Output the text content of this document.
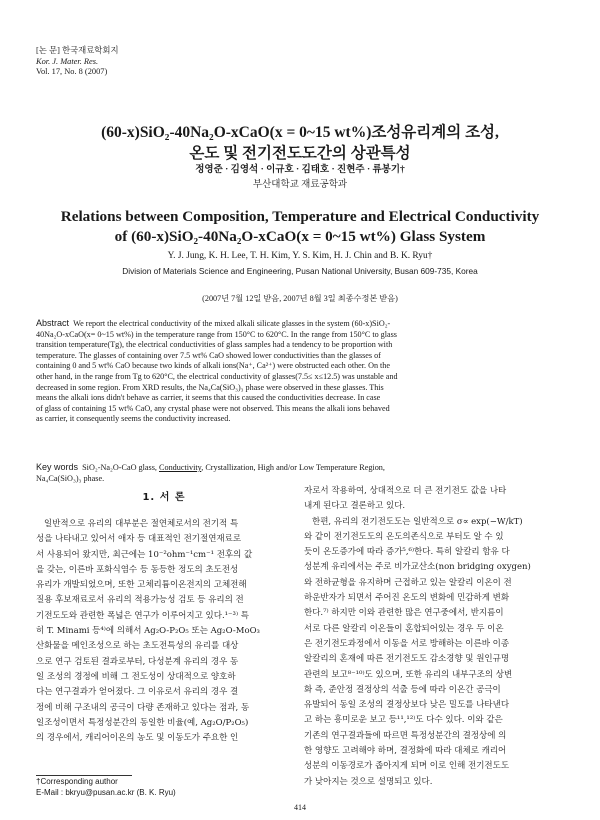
[논 문] 한국재료학회지
Kor. J. Mater. Res.
Vol. 17, No. 8 (2007)
(60-x)SiO₂-40Na₂O-xCaO(x = 0~15 wt%)조성유리계의 조성,
온도 및 전기전도도간의 상관특성
정영준 · 김영석 · 이규호 · 김태호 · 진현주 · 류봉기†
부산대학교 재료공학과
Relations between Composition, Temperature and Electrical Conductivity
of (60-x)SiO₂-40Na₂O-xCaO(x = 0~15 wt%) Glass System
Y. J. Jung, K. H. Lee, T. H. Kim, Y. S. Kim, H. J. Chin and B. K. Ryu†
Division of Materials Science and Engineering, Pusan National University, Busan 609-735, Korea
(2007년 7월 12일 받음, 2007년 8월 3일 최종수정본 받음)
Abstract We report the electrical conductivity of the mixed alkali silicate glasses in the system (60-x)SiO₂-
40Na₂O-xCaO(x= 0~15 wt%) in the temperature range from 150°C to 620°C. In the range from 150°C to glass
transition temperature(Tg), the electrical conductivities of glass samples had a tendency to be proportion with
temperature. The glasses of containing over 7.5 wt% CaO showed lower conductivities than the glasses of
containing 0 and 5 wt% CaO because two kinds of alkali ions(Na⁺, Ca²⁺) were obstructed each other. On the
other hand, in the range from Tg to 620°C, the electrical conductivity of glasses(7.5≤ x≤12.5) was unstable and
decreased in some region. From XRD results, the Na₄Ca(SiO₃)₃ phase were observed in these glasses. This
means the alkali ions didn't behave as carrier, it seems that this caused the conductivities decrease. In case
of glass of containing 15 wt% CaO, any crystal phase were not observed. This means the alkali ions behaved
as carrier, it consequently seems the conductivity increased.
Key words SiO₂-Na₂O-CaO glass, Conductivity, Crystallization, High and/or Low Temperature Region,
Na₄Ca(SiO₃)₃ phase.
1. 서 론
일반적으로 유리의 대부분은 절연체로서의 전기적 특
성을 나타내고 있어서 애자 등 대표적인 전기절연재료로
서 사용되어 왔지만, 최근에는 10⁻²ohm⁻¹cm⁻¹ 전후의 값
을 갖는, 이른바 포화식염수 등 동등한 정도의 초도전성
유리가 개발되었으며, 또한 고체리튬이온전지의 고체전해
질용 후보재료로서 유리의 적용가능성 검토 등 유리의 전
기전도도와 관련한 폭넓은 연구가 이루어지고 있다.¹⁻³⁾ 특
히 T. Minami 등⁴⁾에 의해서 Ag₂O-P₂O₅ 또는 Ag₂O-MoO₃
산화물을 메인조성으로 하는 초도전특성의 유리를 대상
으로 연구 검토된 결과로부터, 다성분계 유리의 경우 동
일 조성의 경정에 비해 그 전도성이 상대적으로 양호하
다는 연구결과가 얻어졌다. 그 이유로서 유리의 경우 결
정에 비해 구조내의 공극이 다량 존재하고 있다는 점과, 동
일조성이면서 특정성분간의 동일한 비율(예, Ag₂O/P₂O₅)
의 경우에서, 캐리어이온의 농도 및 이동도가 주요한 인
자로서 작용하여, 상대적으로 더 큰 전기전도 값을 나타
내게 된다고 결론하고 있다.
한편, 유리의 전기전도도는 일반적으로 σ∝ exp(−W/kT)
와 같이 전기전도도의 온도의존식으로 부터도 알 수 있
듯이 온도증가에 따라 증가⁵,⁶⁾한다. 특히 알칼리 함유 다
성분계 유리에서는 주로 비가교산소(non bridging oxygen)
와 전하균형을 유지하며 근접하고 있는 알칼리 이온이 전
하운반자가 되면서 주어진 온도의 변화에 민감하게 변화
한다.⁷⁾ 하지만 이와 관련한 많은 연구중에서, 반지름이
서로 다른 알칼리 이온들이 혼합되어있는 경우 두 이온
은 전기전도과정에서 이동을 서로 방해하는 이른바 이종
알칼리의 혼재에 따른 전기전도도 감소경향 및 원인규명
관련의 보고⁸⁻¹⁰⁾도 있으며, 또한 유리의 내부구조의 상변
화 즉, 준안정 결정상의 석출 등에 따라 이온간 공극이
유발되어 동일 조성의 결정상보다 낮은 밀도를 나타낸다
고 하는 흥미로운 보고 등¹¹,¹²⁾도 다수 있다. 이와 같은
기존의 연구결과들에 따르면 특정성분간의 결정상에 의
한 영향도 고려해야 하며, 결정화에 따라 대체로 캐리어
성분의 이동경로가 좁아지게 되며 이로 인해 전기전도도
가 낮아지는 것으로 설명되고 있다.
†Corresponding author
E-Mail : bkryu@pusan.ac.kr (B. K. Ryu)
414
